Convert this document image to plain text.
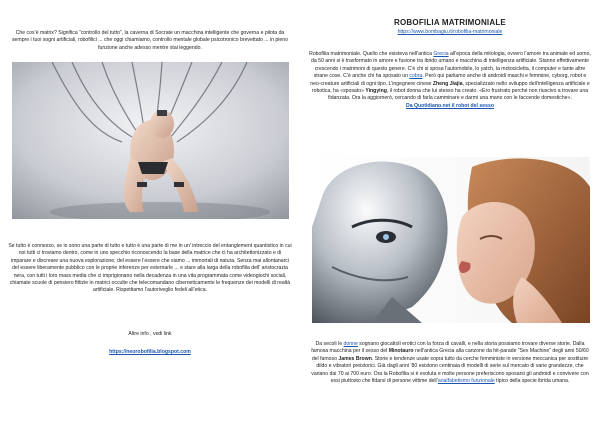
Che cos’è matrix? Significa “controllo del tutto”, la caverna di Socrate un macchina intelligente che governa e pilota da sempre i tuoi sogni artificiali, robofilici ... che oggi chiamiamo, controllo mentale globale psicotronico brevettato ... in pieno funzione anche adesso mentre stai leggendo.

Se tutto è connesso, se io sono una parte di tutto e tutto è una parte di me in un’ intreccio del entanglement quantistico in cui noi tutti ci troviamo dentro, come in uno specchio riconoscendo la base della matrice che ci ha architettonizzato e di imparare e discreare una nuova esplorazione, del essere l’essere che siamo ... immortali di natura. Senza mai allontanarci del essere liberamente pubblico con le proprie inferenze per esternarle ... e stare alla larga della robofilia dell’ aristocrazia nera, con tutti i loro mass media che ci imprigionano nella decadenza in una vita programmata come videogiochi sociali, chiamate scuole di pensiero fittizie in matrici occulte che telecomandano ciberneticamente le frequenze dei modelli di realtà artificiale. Rispettiamo l’autoriveglio fedeli all’etica.

Altre info , vedi link

https://neorobofilia.blogspot.com

ROBOFILIA MATRIMONIALE

https://www.bombagiu.it/robofilia-matrimoniale

Robofilia matrimoniale. Quello che esisteva nell’antica Grecia all’epoca della mitologia, ovvero l’amore tra animale ed uomo, da 50 anni si è trasformato in amore e fusione tra ibrido umano e macchina di intelligenza artificiale. Stanno effettivamente crescendo i matrimoni di questo genere. C’è chi si sposa l’automobile, lo yatch, la motocicletta, il computer e tante altre strane cose. C’è anche chi ha sposato un cobra. Però qui parliamo anche di androidi maschi e femmine, cyborg, robot e neo-creature artificiali di ogni tipo. L’ingegnere cinese Zheng Jiajia, specializzato nello sviluppo dell’intelligenza artificiale e robotica, ha «sposato» Yingying, il robot donna che lui stesso ha creato. «Ero frustrato perché non riuscivo a trovare una fidanzata. Ora la aggiornerò, cercando di farla camminare e darmi una mano con le faccende domestiche».
Da Quotidiano.net il robot del sesso

Da secoli le donne sognano giocattoli erotici con la forza di cavalli, e nella storia possiamo trovare diverse storie. Dalla famosa macchina per il sesso del Minotauro nell’antica Grecia alla canzone da hit-parade “Sex Machine” degli anni 50/60 del famoso James Brown. Storie e tendenze usate sopra tutto da cerche femministe in versione meccanica per sostituire dildo e vibratori preistorici. Già dagli anni ’80 esistono centinaia di modelli di serie sul mercato di varie grandezze, che variano dai 70 ai 700 euro. Ora la Robofilia si è evoluta e molte persone preferiscono sposarsi gli androidi e convivere con essi piuttosto che fidarsi di persone vittime dell’analfabetismo funzionale tipico della specie ibrida umana.
